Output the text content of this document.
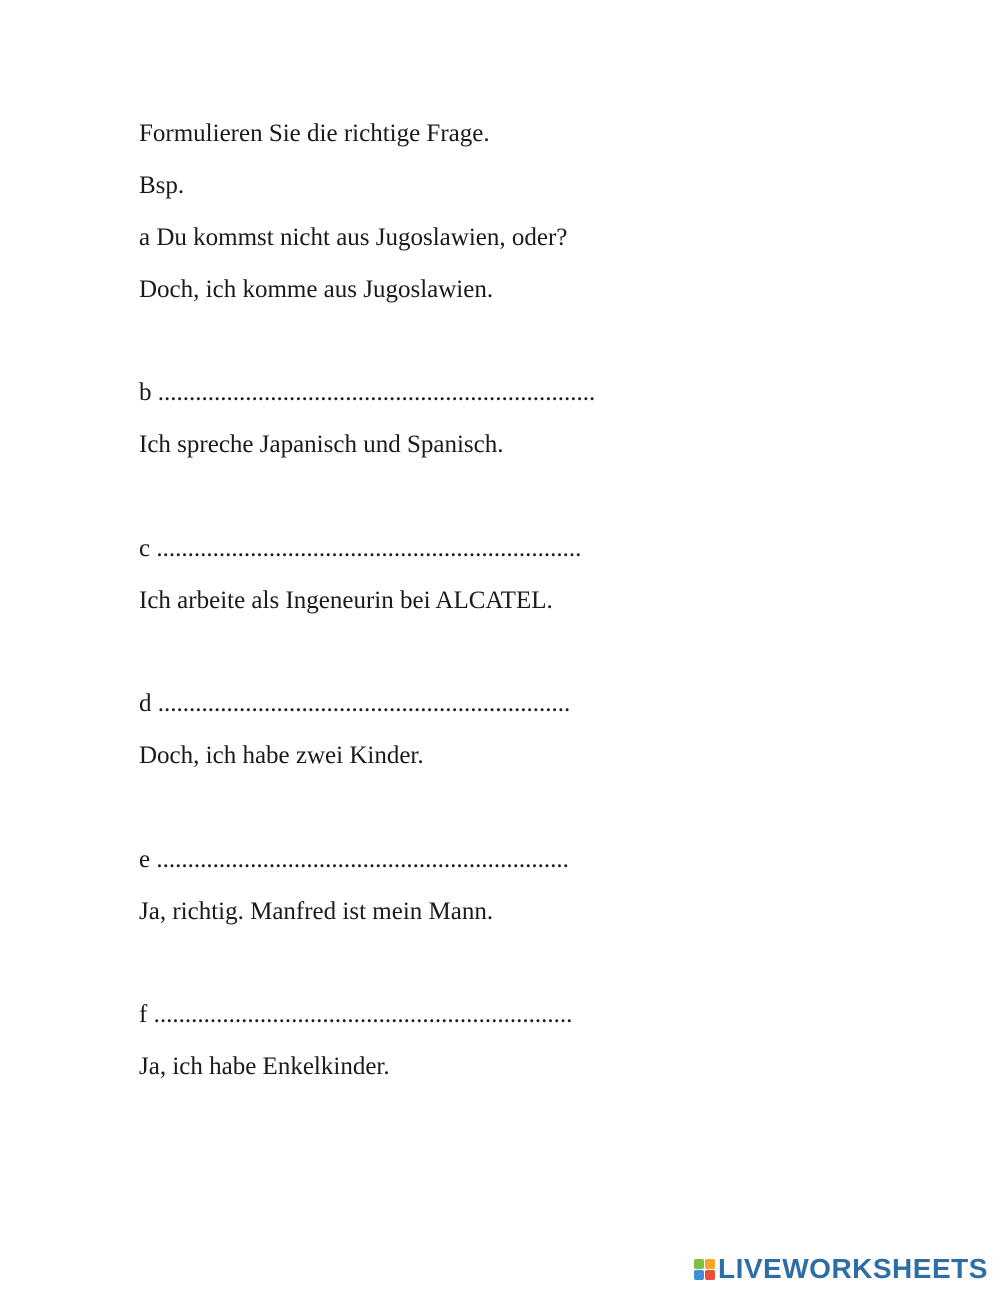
Formulieren Sie die richtige Frage.
Bsp.
a Du kommst nicht aus Jugoslawien, oder?
Doch, ich komme aus Jugoslawien.
b ......................................................................
Ich spreche Japanisch und Spanisch.
c ....................................................................
Ich arbeite als Ingeneurin bei ALCATEL.
d ..................................................................
Doch, ich habe zwei Kinder.
e ..................................................................
Ja, richtig. Manfred ist mein Mann.
f ...................................................................
Ja, ich habe Enkelkinder.
LIVEWORKSHEETS
